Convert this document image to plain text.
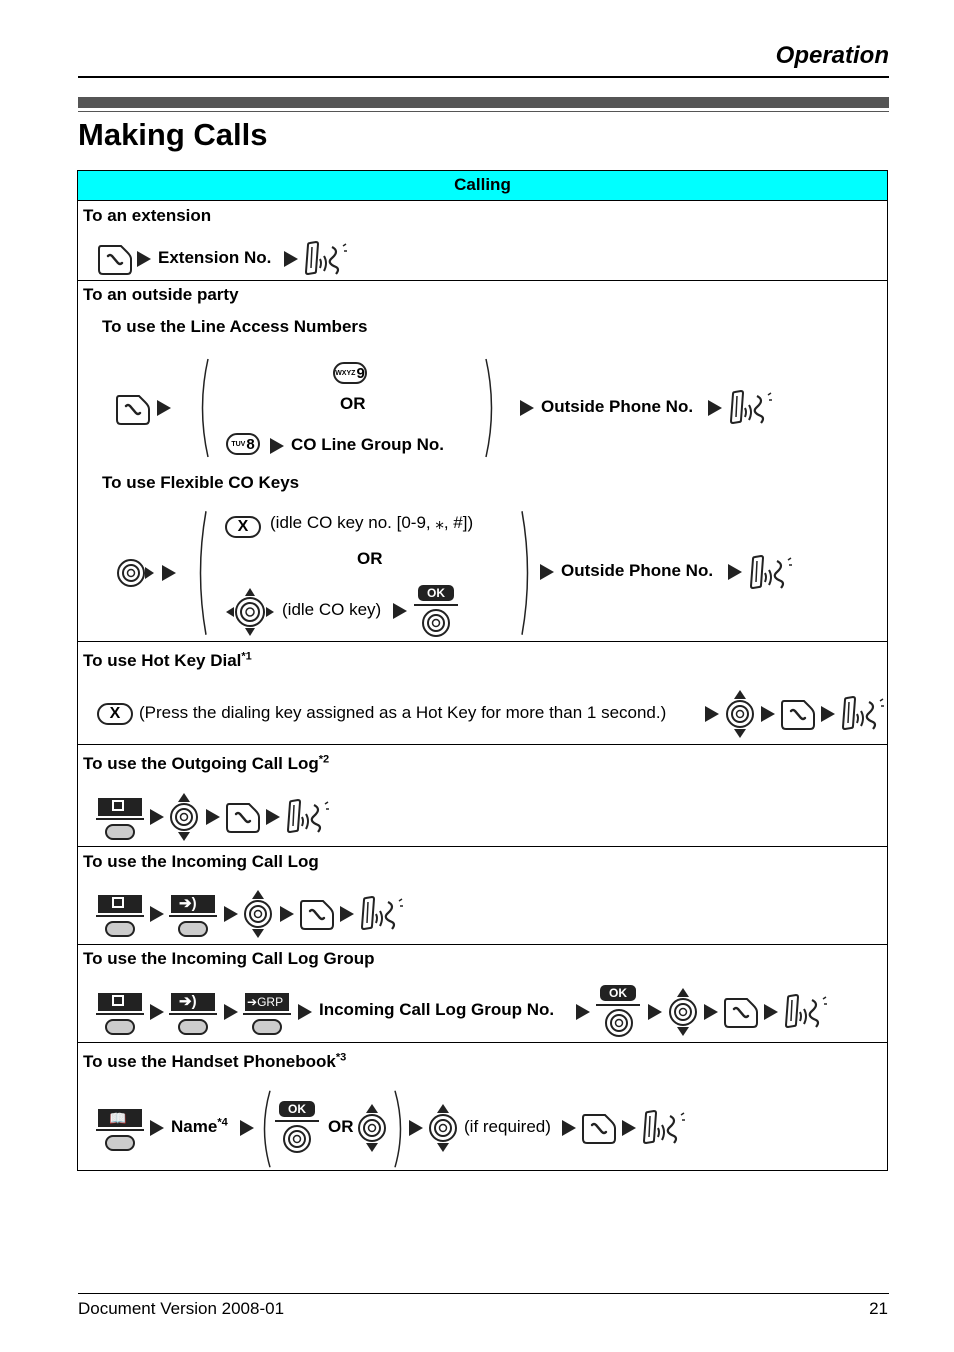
Operation
Making Calls
Calling
To an extension
Extension No.
To an outside party
To use the Line Access Numbers
WXYZ 9
OR
TUV 8 CO Line Group No.
Outside Phone No.
To use Flexible CO Keys
X	(idle CO key no. [0-9, ⁎, #])
OR
(idle CO key)
OK
Outside Phone No.
To use Hot Key Dial$^{*1}$
X	(Press the dialing key assigned as a Hot Key for more than 1 second.)
To use the Outgoing Call Log$^{*2}$
To use the Incoming Call Log
➔)
To use the Incoming Call Log Group
➔)	➔GRP Incoming Call Log Group No.
OK
To use the Handset Phonebook$^{*3}$
📖	Name$^{*4}$
OK
OR	(if required)
Document Version 2008-01	21
